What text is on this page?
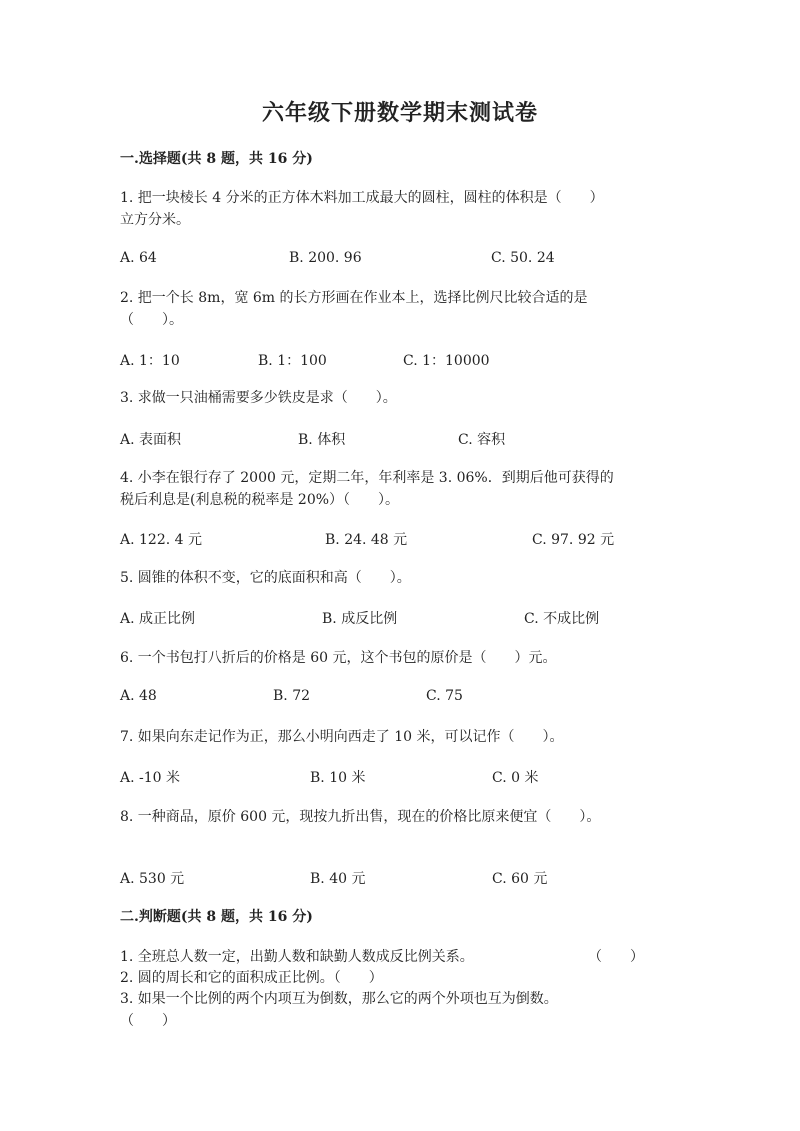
六年级下册数学期末测试卷
一.选择题(共 8 题，共 16 分)
1. 把一块棱长 4 分米的正方体木料加工成最大的圆柱，圆柱的体积是（　　）
立方分米。
A. 64	B. 200. 96	C. 50. 24
2. 把一个长 8m，宽 6m 的长方形画在作业本上，选择比例尺比较合适的是
（　　）。
A. 1：10	B. 1：100	C. 1：10000
3. 求做一只油桶需要多少铁皮是求（　　）。
A. 表面积	B. 体积	C. 容积
4. 小李在银行存了 2000 元，定期二年，年利率是 3. 06%．到期后他可获得的
税后利息是(利息税的税率是 20%）（　　）。
A. 122. 4 元	B. 24. 48 元	C. 97. 92 元
5. 圆锥的体积不变，它的底面积和高（　　）。
A. 成正比例	B. 成反比例	C. 不成比例
6. 一个书包打八折后的价格是 60 元，这个书包的原价是（　　）元。
A. 48	B. 72	C. 75
7. 如果向东走记作为正，那么小明向西走了 10 米，可以记作（　　）。
A. -10 米	B. 10 米	C. 0 米
8. 一种商品，原价 600 元，现按九折出售，现在的价格比原来便宜（　　）。
A. 530 元	B. 40 元	C. 60 元
二.判断题(共 8 题，共 16 分)
1. 全班总人数一定，出勤人数和缺勤人数成反比例关系。	（　　）
2. 圆的周长和它的面积成正比例。（　　）
3. 如果一个比例的两个内项互为倒数，那么它的两个外项也互为倒数。
（　　）
